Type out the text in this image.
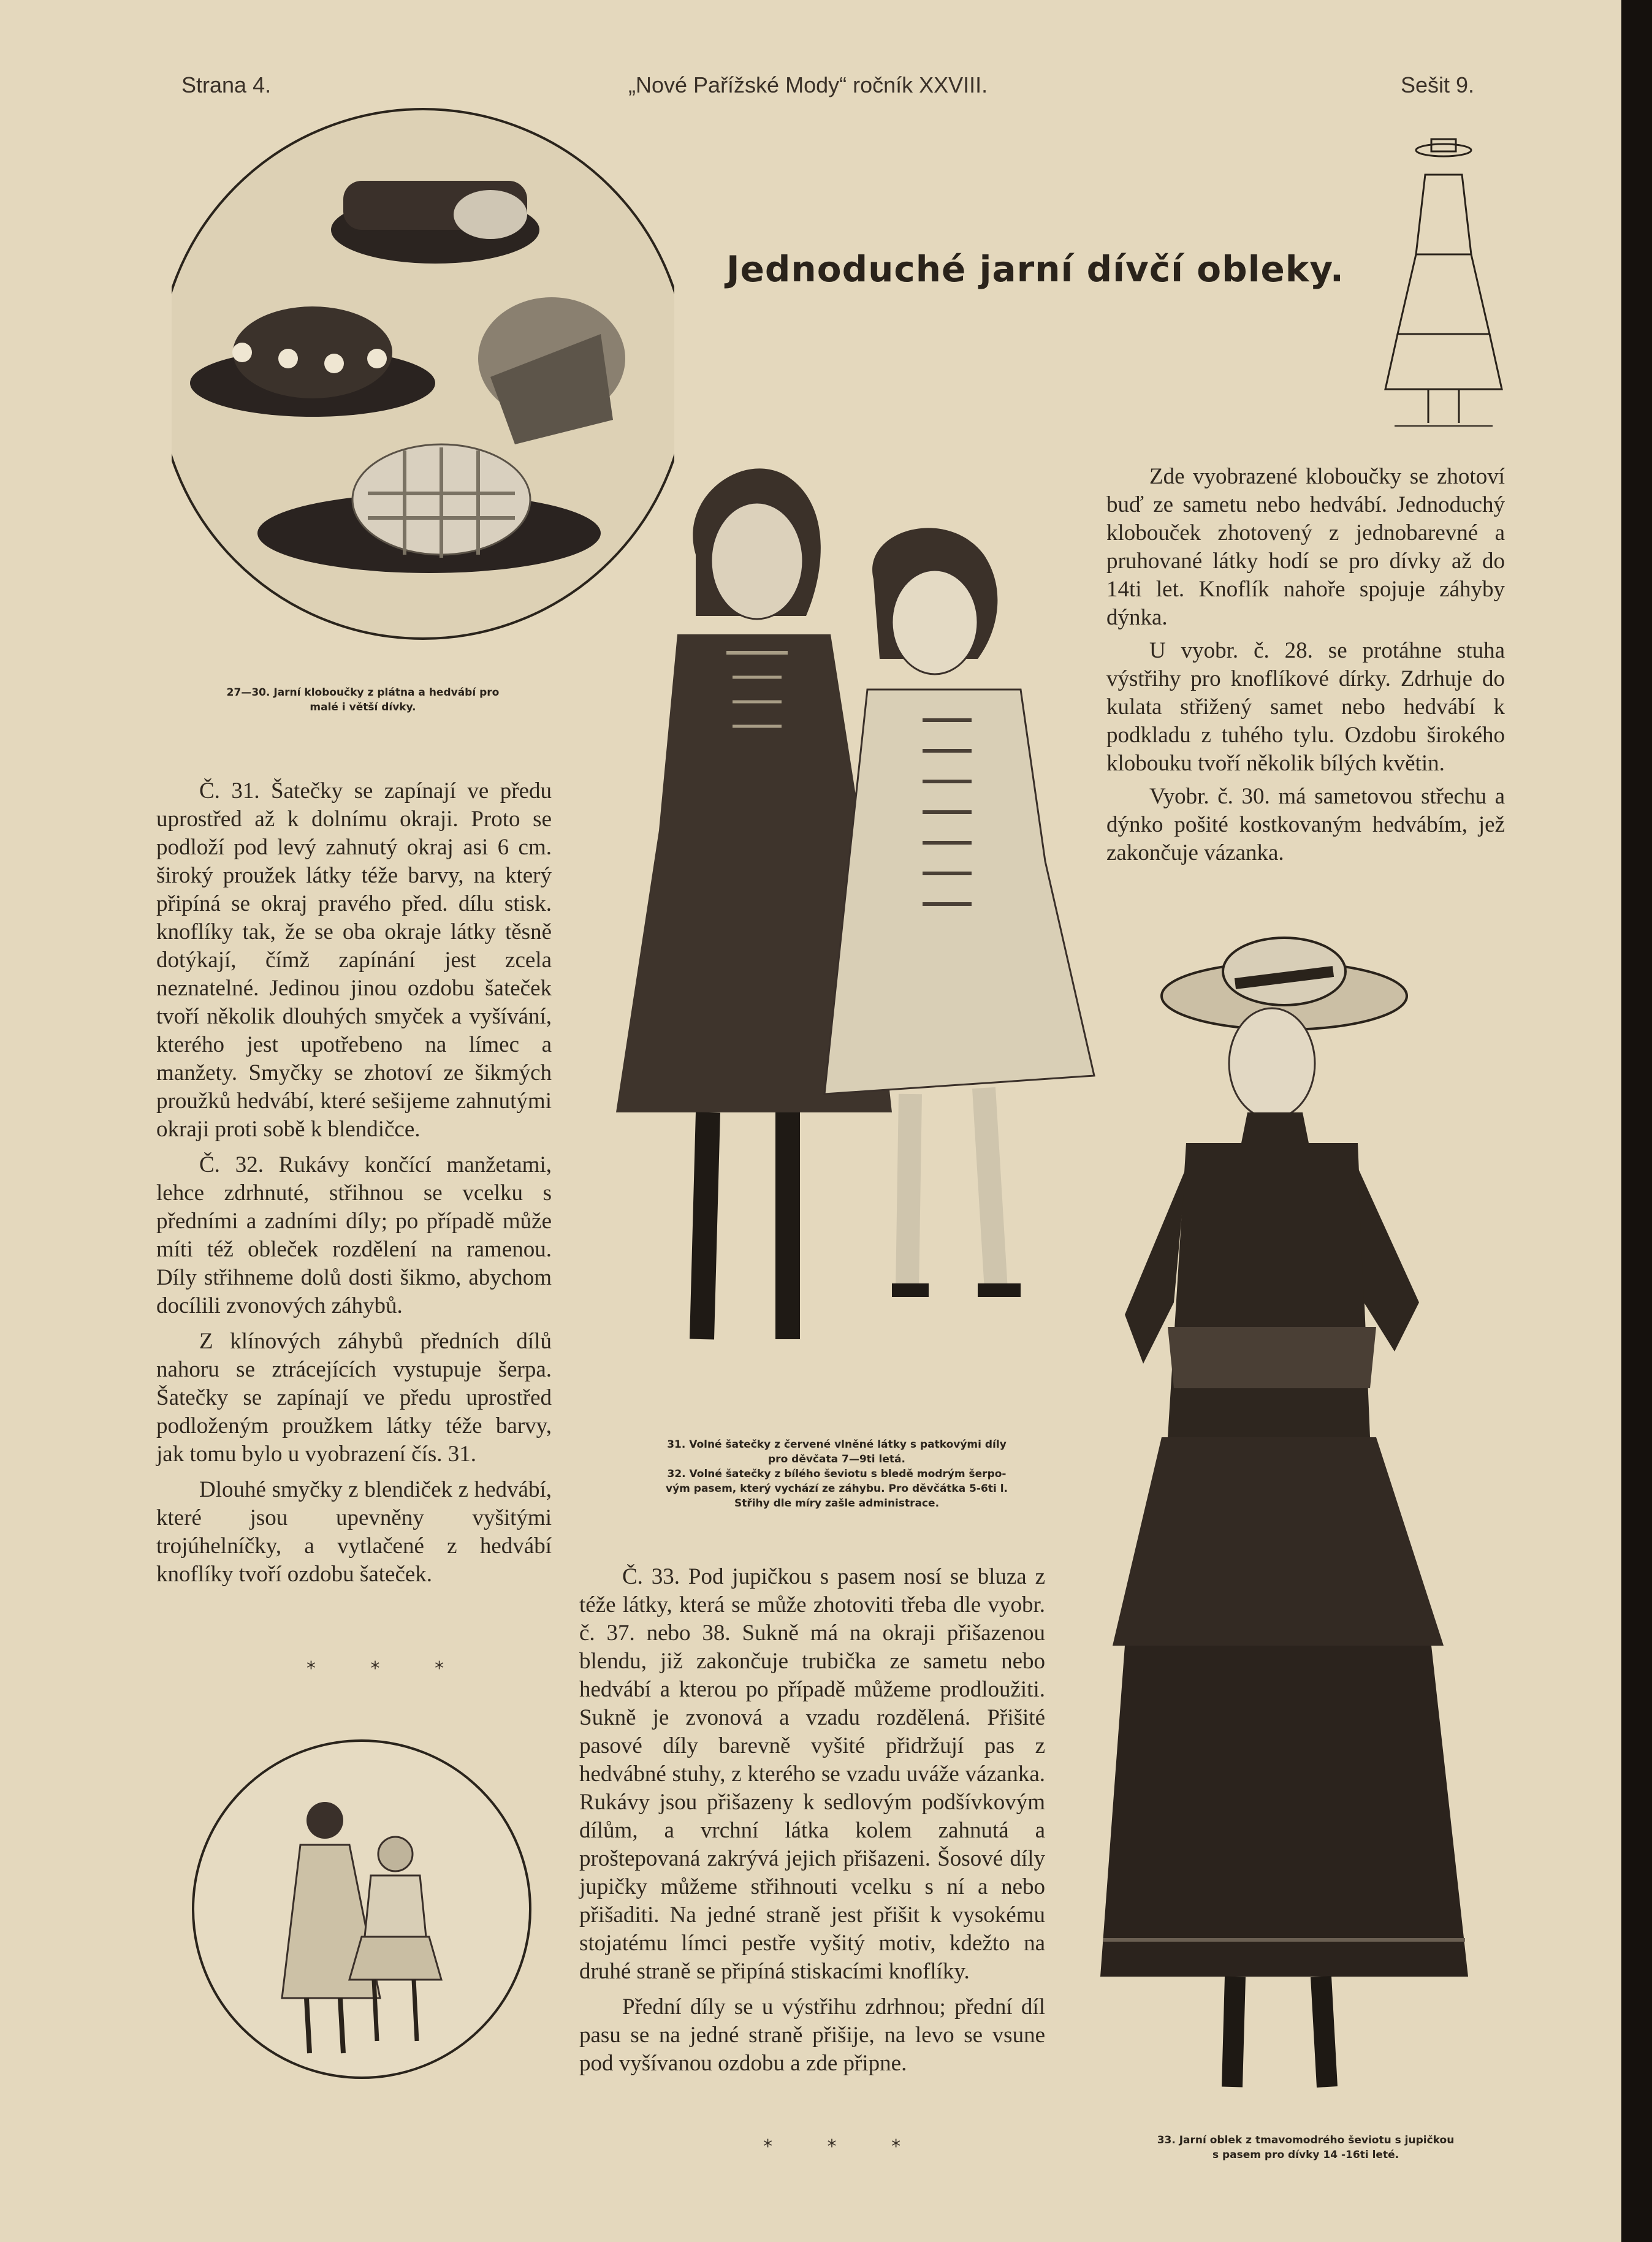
Strana 4.	„Nové Pařížské Mody“ ročník XXVIII.	Sešit 9.
Jednoduché jarní dívčí obleky.
27—30. Jarní kloboučky z plátna a hedvábí pro
malé i větší dívky.

Č. 31. Šatečky se zapínají ve předu uprostřed až k dolnímu okraji. Proto se podloží pod levý zahnutý okraj asi 6 cm. široký proužek látky téže barvy, na který připíná se okraj pravého před. dílu stisk. knoflíky tak, že se oba okraje látky těsně dotýkají, čímž zapínání jest zcela neznatelné. Jedinou jinou ozdobu šateček tvoří několik dlouhých smyček a vyšívání, kterého jest upotřebeno na límec a manžety. Smyčky se zhotoví ze šikmých proužků hedvábí, které sešijeme zahnutými okraji proti sobě k blendičce.

Č. 32. Rukávy končící manžetami, lehce zdrhnuté, střihnou se vcelku s předními a zadními díly; po případě může míti též obleček rozdělení na ramenou. Díly střihneme dolů dosti šikmo, abychom docílili zvonových záhybů.

Z klínových záhybů předních dílů nahoru se ztrácejících vystupuje šerpa. Šatečky se zapínají ve předu uprostřed podloženým proužkem látky téže barvy, jak tomu bylo u vyobrazení čís. 31.

Dlouhé smyčky z blendiček z hedvábí, které jsou upevněny vyšitými trojúhelníčky, a vytlačené z hedvábí knoflíky tvoří ozdobu šateček.

* * *
31. Volné šatečky z červené vlněné látky s patkovými díly
pro děvčata 7—9ti letá.
32. Volné šatečky z bílého ševiotu s bledě modrým šerpo-
vým pasem, který vychází ze záhybu. Pro děvčátka 5-6ti l.
Střihy dle míry zašle administrace.

Č. 33. Pod jupičkou s pasem nosí se bluza z téže látky, která se může zhotoviti třeba dle vyobr. č. 37. nebo 38. Sukně má na okraji přišazenou blendu, již zakončuje trubička ze sametu nebo hedvábí a kterou po případě můžeme prodloužiti. Sukně je zvonová a vzadu rozdělená. Přišité pasové díly barevně vyšité přidržují pas z hedvábné stuhy, z kterého se vzadu uváže vázanka. Rukávy jsou přišazeny k sedlovým podšívkovým dílům, a vrchní látka kolem zahnutá a proštepovaná zakrývá jejich přišazeni. Šosové díly jupičky můžeme střihnouti vcelku s ní a nebo přišaditi. Na jedné straně jest přišit k vysokému stojatému límci pestře vyšitý motiv, kdežto na druhé straně se připíná stiskacími knoflíky.

Přední díly se u výstřihu zdrhnou; přední díl pasu se na jedné straně přišije, na levo se vsune pod vyšívanou ozdobu a zde připne.

* * *

Zde vyobrazené kloboučky se zhotoví buď ze sametu nebo hedvábí. Jednoduchý klobouček zhotovený z jednobarevné a pruhované látky hodí se pro dívky až do 14ti let. Knoflík nahoře spojuje záhyby dýnka.

U vyobr. č. 28. se protáhne stuha výstřihy pro knoflíkové dírky. Zdrhuje do kulata střižený samet nebo hedvábí k podkladu z tuhého tylu. Ozdobu širokého klobouku tvoří několik bílých květin.

Vyobr. č. 30. má sametovou střechu a dýnko pošité kostkovaným hedvábím, jež zakončuje vázanka.

33. Jarní oblek z tmavomodrého ševiotu s jupičkou
s pasem pro dívky 14 -16ti leté.
